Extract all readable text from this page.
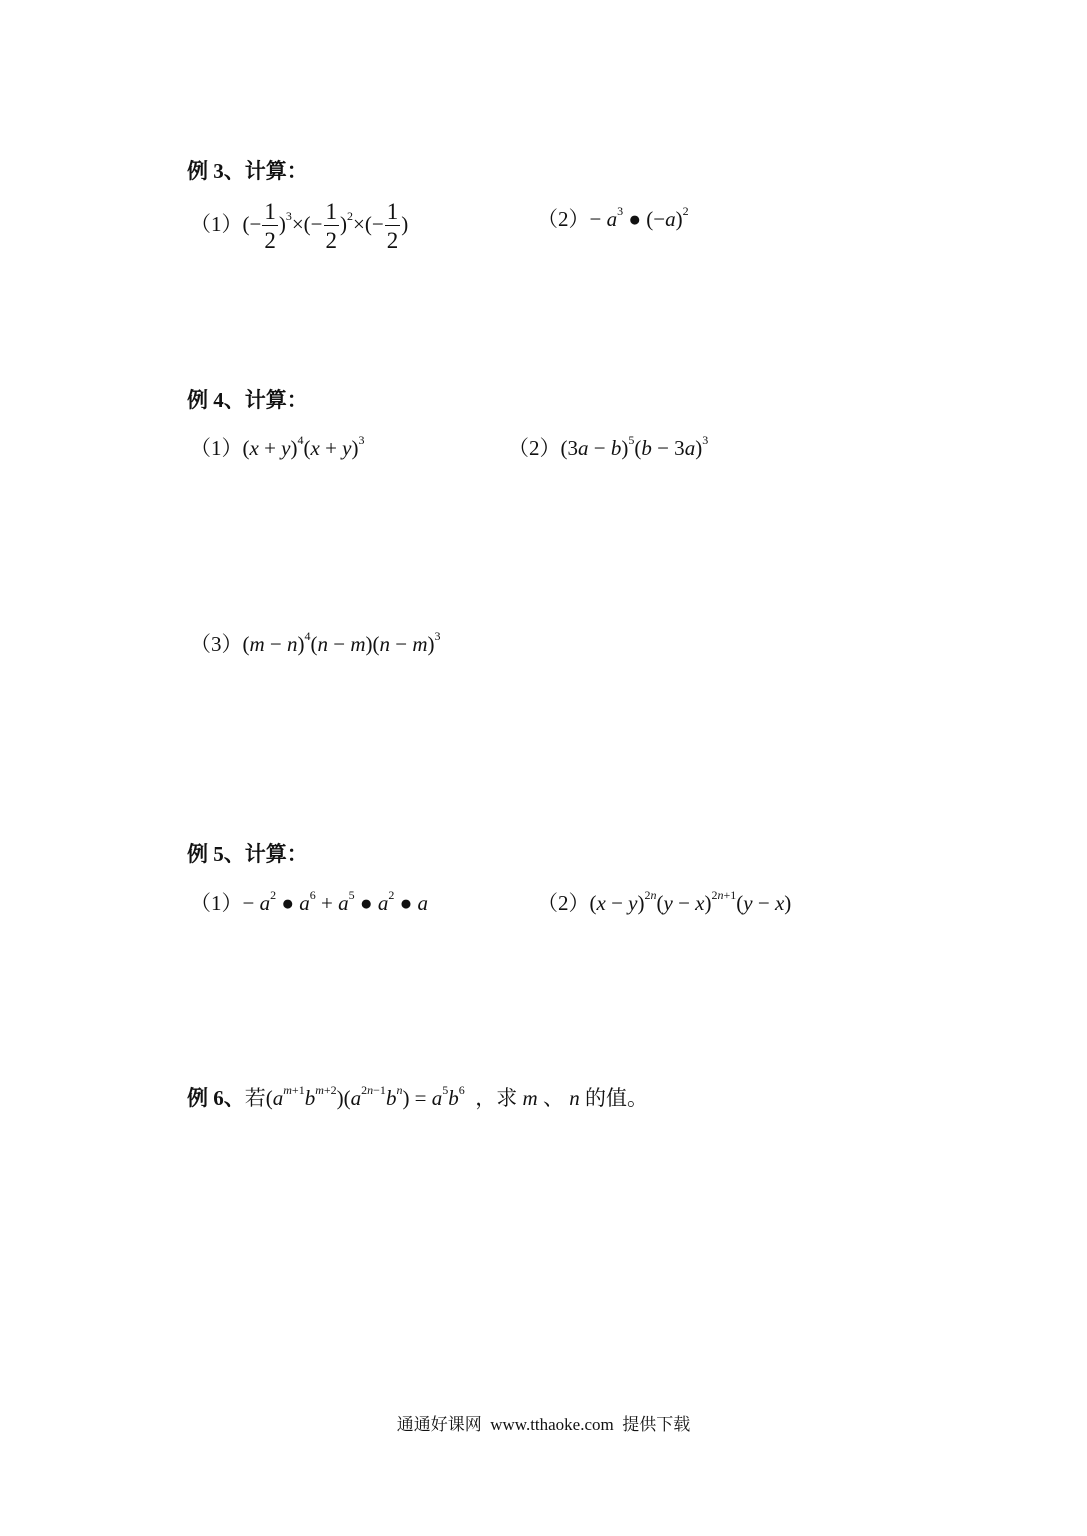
例 3、计算：
$(1)(- \frac{1}{2} )^3\times(- \frac{1}{2} )^2\times(- \frac{1}{2}$ )	$(2)- a^3$ ● $(-a)^2$
例 4、计算：
$(1)(x + y)^4(x + y)^3$	$(2)(3a - b)^5(b - 3a)^3$
$(3)(m - n)^4(n - m)(n - m)^3$
例 5、计算：
$(1)- a^2$ ● $a^6 + a^5$ ● $a^2$ ● a	$(2)(x - y)^{2n}(y - x)^{2n+1}(y - x)$
例 6、若$(a^{m+1}b^{m+2})(a^{2n-1}b^n) = a^5b^6$ ，求 m 、 n 的值。
通通好课网  www.tthaoke.com  提供下载
